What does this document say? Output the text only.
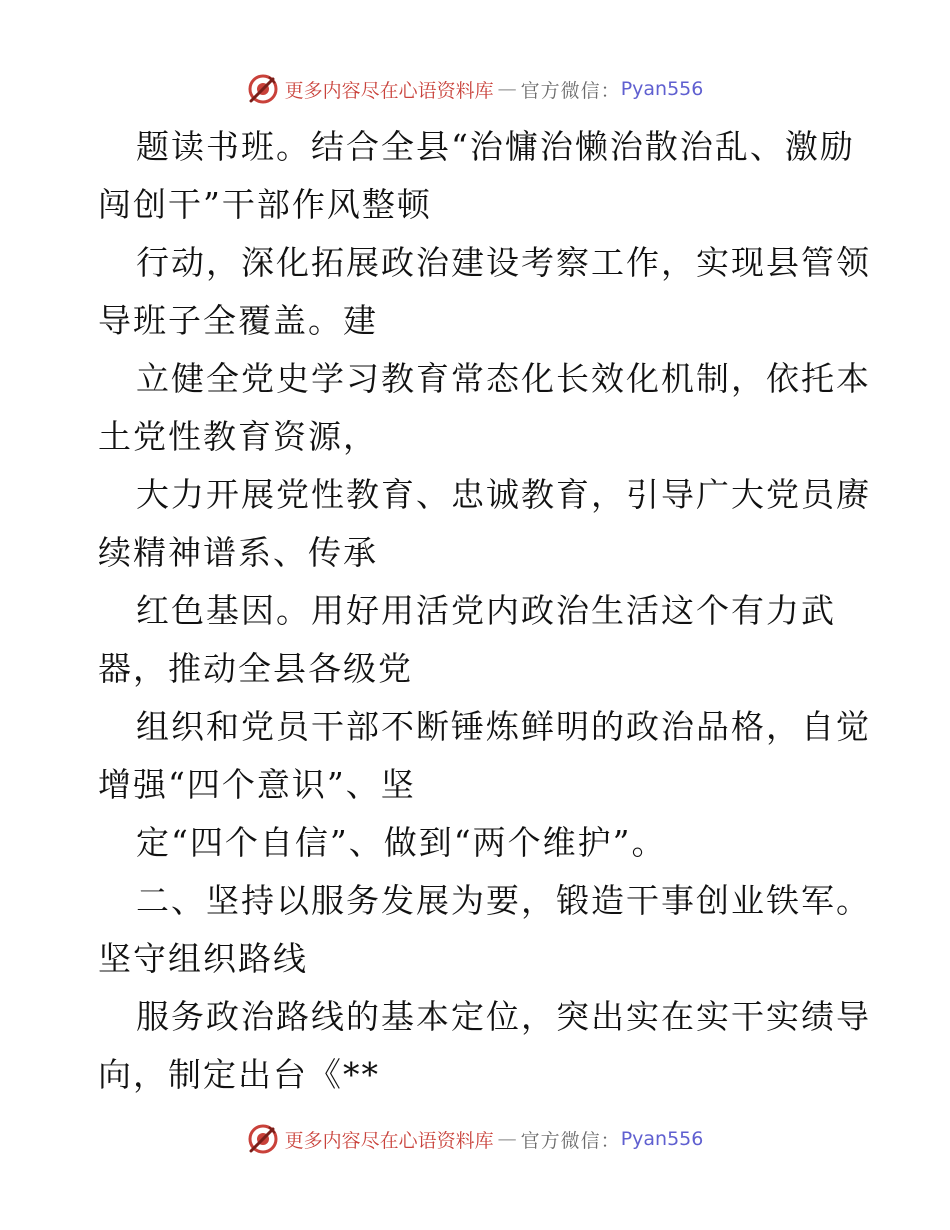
更多内容尽在心语资料库 — 官方微信： Pyan556
题读书班。结合全县“治慵治懒治散治乱、激励
闯创干”干部作风整顿
行动，深化拓展政治建设考察工作，实现县管领
导班子全覆盖。建
立健全党史学习教育常态化长效化机制，依托本
土党性教育资源，
大力开展党性教育、忠诚教育，引导广大党员赓
续精神谱系、传承
红色基因。用好用活党内政治生活这个有力武
器，推动全县各级党
组织和党员干部不断锤炼鲜明的政治品格，自觉
增强“四个意识”、坚
定“四个自信”、做到“两个维护”。
二、坚持以服务发展为要，锻造干事创业铁军。
坚守组织路线
服务政治路线的基本定位，突出实在实干实绩导
向，制定出台《**
更多内容尽在心语资料库 — 官方微信： Pyan556
